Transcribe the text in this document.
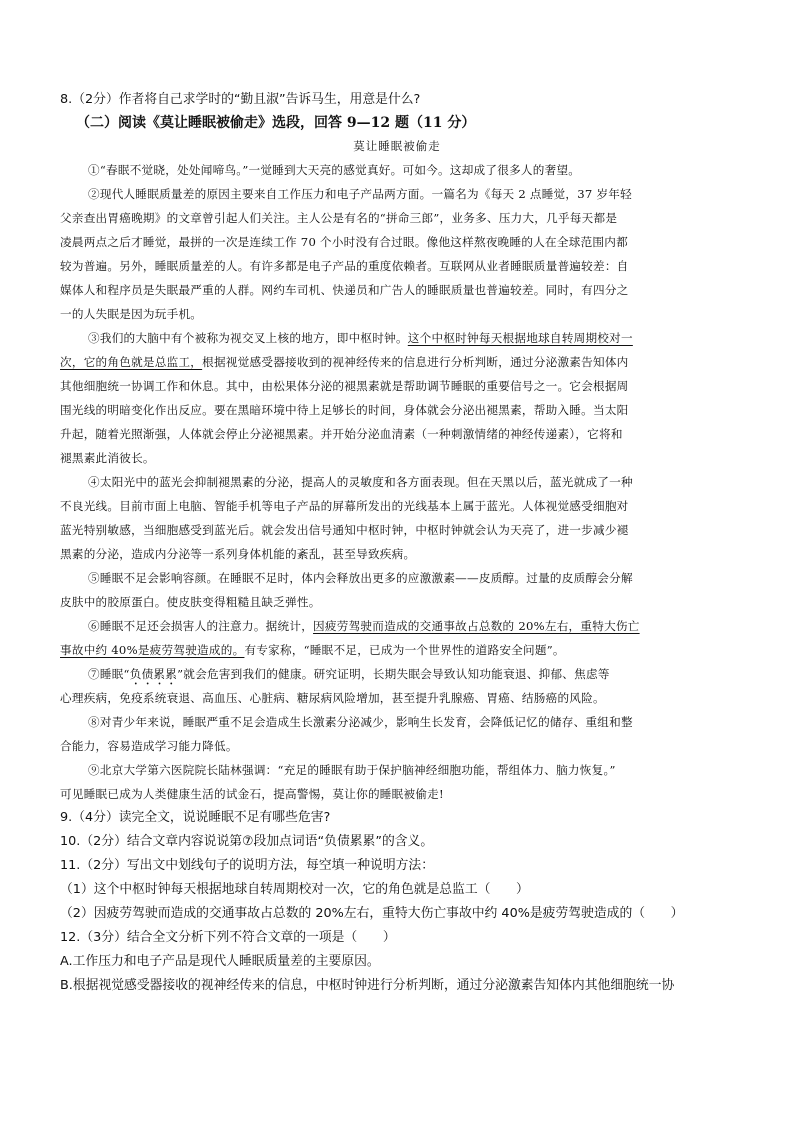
8.（2分）作者将自己求学时的“勤且淑”告诉马生，用意是什么?
（二）阅读《莫让睡眠被偷走》选段，回答 9—12 题（11 分）
莫让睡眠被偷走
①“春眠不觉晓，处处闻啼鸟。”一觉睡到大天亮的感觉真好。可如今。这却成了很多人的奢望。
②现代人睡眠质量差的原因主要来自工作压力和电子产品两方面。一篇名为《每天 2 点睡觉，37 岁年轻
父亲查出胃癌晚期》的文章曾引起人们关注。主人公是有名的“拼命三郎”，业务多、压力大，几乎每天都是
凌晨两点之后才睡觉，最拼的一次是连续工作 70 个小时没有合过眼。像他这样熬夜晚睡的人在全球范围内都
较为普遍。另外，睡眠质量差的人。有许多都是电子产品的重度依赖者。互联网从业者睡眠质量普遍较差：自
媒体人和程序员是失眠最严重的人群。网约车司机、快递员和广告人的睡眠质量也普遍较差。同时，有四分之
一的人失眠是因为玩手机。
③我们的大脑中有个被称为视交叉上核的地方，即中枢时钟。这个中枢时钟每天根据地球自转周期校对一
次，它的角色就是总监工，根据视觉感受器接收到的视神经传来的信息进行分析判断，通过分泌激素告知体内
其他细胞统一协调工作和休息。其中，由松果体分泌的褪黑素就是帮助调节睡眠的重要信号之一。它会根据周
围光线的明暗变化作出反应。要在黑暗环境中待上足够长的时间，身体就会分泌出褪黑素，帮助入睡。当太阳
升起，随着光照渐强，人体就会停止分泌褪黑素。并开始分泌血清素（一种刺激情绪的神经传递素），它将和
褪黑素此消彼长。
④太阳光中的蓝光会抑制褪黑素的分泌，提高人的灵敏度和各方面表现。但在天黑以后，蓝光就成了一种
不良光线。目前市面上电脑、智能手机等电子产品的屏幕所发出的光线基本上属于蓝光。人体视觉感受细胞对
蓝光特别敏感，当细胞感受到蓝光后。就会发出信号通知中枢时钟，中枢时钟就会认为天亮了，进一步减少褪
黑素的分泌，造成内分泌等一系列身体机能的紊乱，甚至导致疾病。
⑤睡眠不足会影响容颜。在睡眠不足时，体内会释放出更多的应激激素——皮质醇。过量的皮质醇会分解
皮肤中的胶原蛋白。使皮肤变得粗糙且缺乏弹性。
⑥睡眠不足还会损害人的注意力。据统计，因疲劳驾驶而造成的交通事故占总数的 20%左右，重特大伤亡
事故中约 40%是疲劳驾驶造成的。有专家称，“睡眠不足，已成为一个世界性的道路安全问题”。
⑦睡眠“负债累累”就会危害到我们的健康。研究证明，长期失眠会导致认知功能衰退、抑郁、焦虑等
心理疾病，免疫系统衰退、高血压、心脏病、糖尿病风险增加，甚至提升乳腺癌、胃癌、结肠癌的风险。
⑧对青少年来说，睡眠严重不足会造成生长激素分泌减少，影响生长发育，会降低记忆的储存、重组和整
合能力，容易造成学习能力降低。
⑨北京大学第六医院院长陆林强调：“充足的睡眠有助于保护脑神经细胞功能，帮组体力、脑力恢复。”
可见睡眠已成为人类健康生活的试金石，提高警惕，莫让你的睡眠被偷走!
9.（4分）读完全文，说说睡眠不足有哪些危害?
10.（2分）结合文章内容说说第⑦段加点词语“负债累累”的含义。
11.（2分）写出文中划线句子的说明方法，每空填一种说明方法：
（1）这个中枢时钟每天根据地球自转周期校对一次，它的角色就是总监工（　　）
（2）因疲劳驾驶而造成的交通事故占总数的 20%左右，重特大伤亡事故中约 40%是疲劳驾驶造成的（　　）
12.（3分）结合全文分析下列不符合文章的一项是（　　）
A.工作压力和电子产品是现代人睡眠质量差的主要原因。
B.根据视觉感受器接收的视神经传来的信息，中枢时钟进行分析判断，通过分泌激素告知体内其他细胞统一协
